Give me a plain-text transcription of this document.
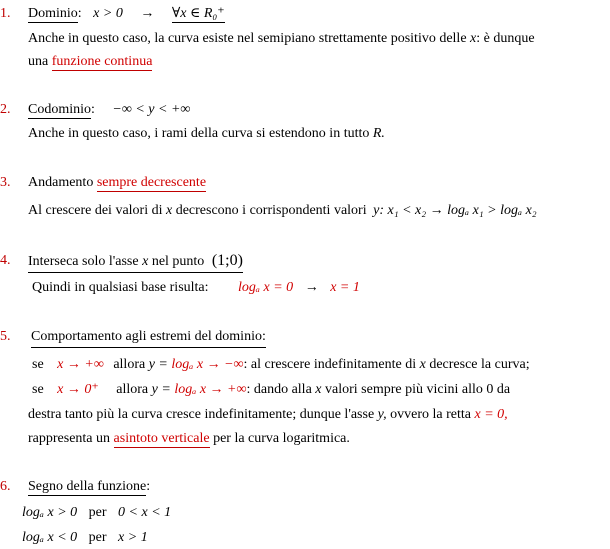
1. Dominio: x > 0 → ∀x ∈ R₀⁺
Anche in questo caso, la curva esiste nel semipiano strettamente positivo delle x: è dunque
una funzione continua
2. Codominio: −∞ < y < +∞
Anche in questo caso, i rami della curva si estendono in tutto R.
3. Andamento sempre decrescente
Al crescere dei valori di x decrescono i corrispondenti valori y: x₁ < x₂ → logₐ x₁ > logₐ x₂
4. Interseca solo l'asse x nel punto (1;0)
Quindi in qualsiasi base risulta: logₐ x = 0 → x = 1
5. Comportamento agli estremi del dominio:
se x → +∞ allora y = logₐ x → −∞: al crescere indefinitamente di x decresce la curva;
se x → 0⁺ allora y = logₐ x → +∞: dando alla x valori sempre più vicini allo 0 da
destra tanto più la curva cresce indefinitamente; dunque l'asse y, ovvero la retta x = 0,
rappresenta un asintoto verticale per la curva logaritmica.
6. Segno della funzione:
logₐ x > 0 per 0 < x < 1
logₐ x < 0 per x > 1
